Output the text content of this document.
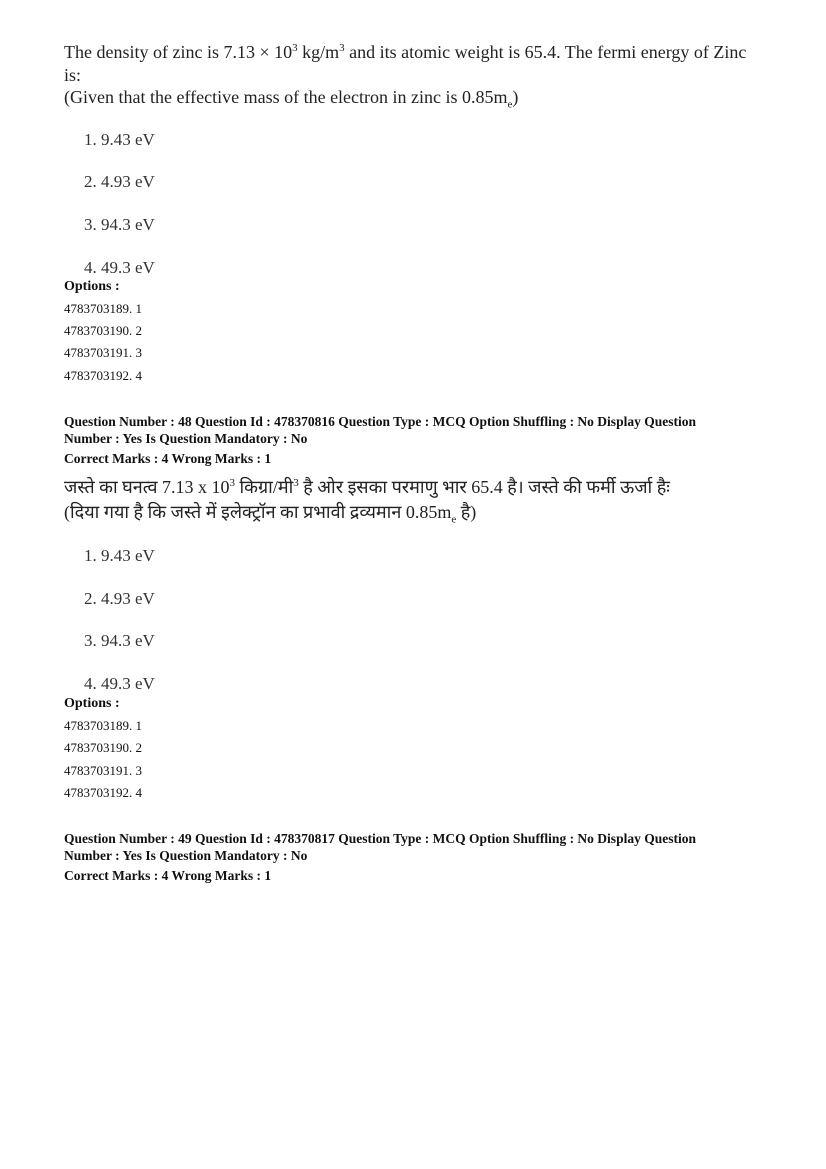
The density of zinc is $7.13 \times 10^3$ $kg/m^3$ and its atomic weight is 65.4. The fermi energy of Zinc
is:
(Given that the effective mass of the electron in zinc is $0.85m_e$)
1. 9.43 eV
2. 4.93 eV
3. 94.3 eV
4. 49.3 eV
Options :
4783703189. 1
4783703190. 2
4783703191. 3
4783703192. 4
Question Number : 48 Question Id : 478370816 Question Type : MCQ Option Shuffling : No Display Question
Number : Yes Is Question Mandatory : No
Correct Marks : 4 Wrong Marks : 1
जस्ते का घनत्व 7.13 x $10^3$ किग्रा/मी$^3$ है ओर इसका परमाणु भार 65.4 है। जस्ते की फर्मी ऊर्जा हैः
(दिया गया है कि जस्ते में इलेक्ट्रॉन का प्रभावी द्रव्यमान $0.85m_e$ है)
1. 9.43 eV
2. 4.93 eV
3. 94.3 eV
4. 49.3 eV
Options :
4783703189. 1
4783703190. 2
4783703191. 3
4783703192. 4
Question Number : 49 Question Id : 478370817 Question Type : MCQ Option Shuffling : No Display Question
Number : Yes Is Question Mandatory : No
Correct Marks : 4 Wrong Marks : 1
